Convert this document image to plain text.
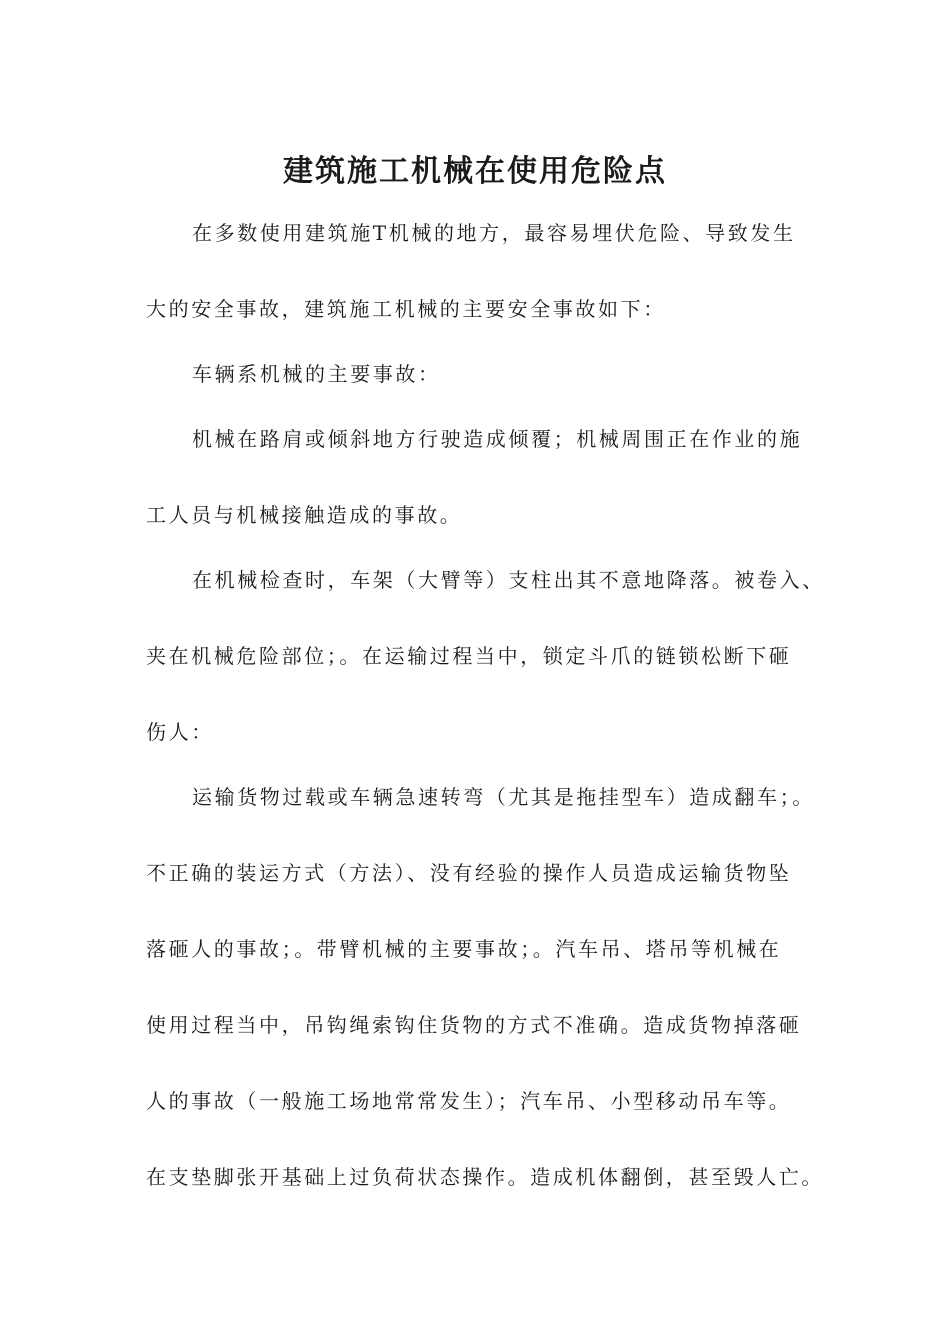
建筑施工机械在使用危险点

在多数使用建筑施T机械的地方，最容易埋伏危险、导致发生

大的安全事故，建筑施工机械的主要安全事故如下：

车辆系机械的主要事故：

机械在路肩或倾斜地方行驶造成倾覆；机械周围正在作业的施

工人员与机械接触造成的事故。

在机械检查时，车架（大臂等）支柱出其不意地降落。被卷入、

夹在机械危险部位；。在运输过程当中，锁定斗爪的链锁松断下砸

伤人：

运输货物过载或车辆急速转弯（尤其是拖挂型车）造成翻车；。

不正确的装运方式（方法）、没有经验的操作人员造成运输货物坠

落砸人的事故；。带臂机械的主要事故；。汽车吊、塔吊等机械在

使用过程当中，吊钩绳索钩住货物的方式不准确。造成货物掉落砸

人的事故（一般施工场地常常发生）；汽车吊、小型移动吊车等。

在支垫脚张开基础上过负荷状态操作。造成机体翻倒，甚至毁人亡。
